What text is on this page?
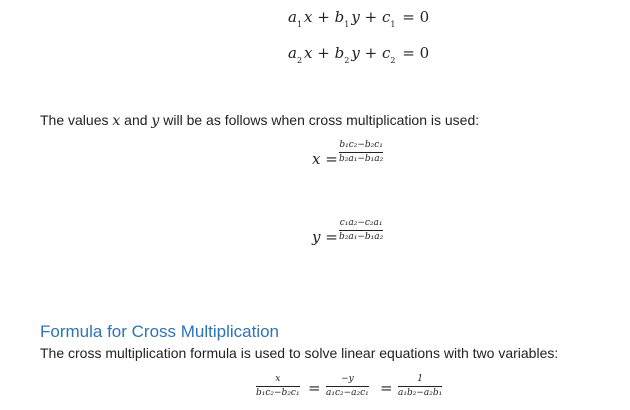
$a_1$ $x + b_1$ $y + c_1 = 0$
$a_2$ $x + b_2$ $y + c_2 = 0$
The values x and y will be as follows when cross multiplication is used:
x =
b₁c₂−b₂c₁
b₂a₁−b₁a₂
y =
c₁a₂−c₂a₁
b₂a₁−b₁a₂
Formula for Cross Multiplication
The cross multiplication formula is used to solve linear equations with two variables:
x
b₁c₂−b₂c₁ = −y
a₁c₂−a₂c₁ =	1
a₁b₂−a₂b₁
